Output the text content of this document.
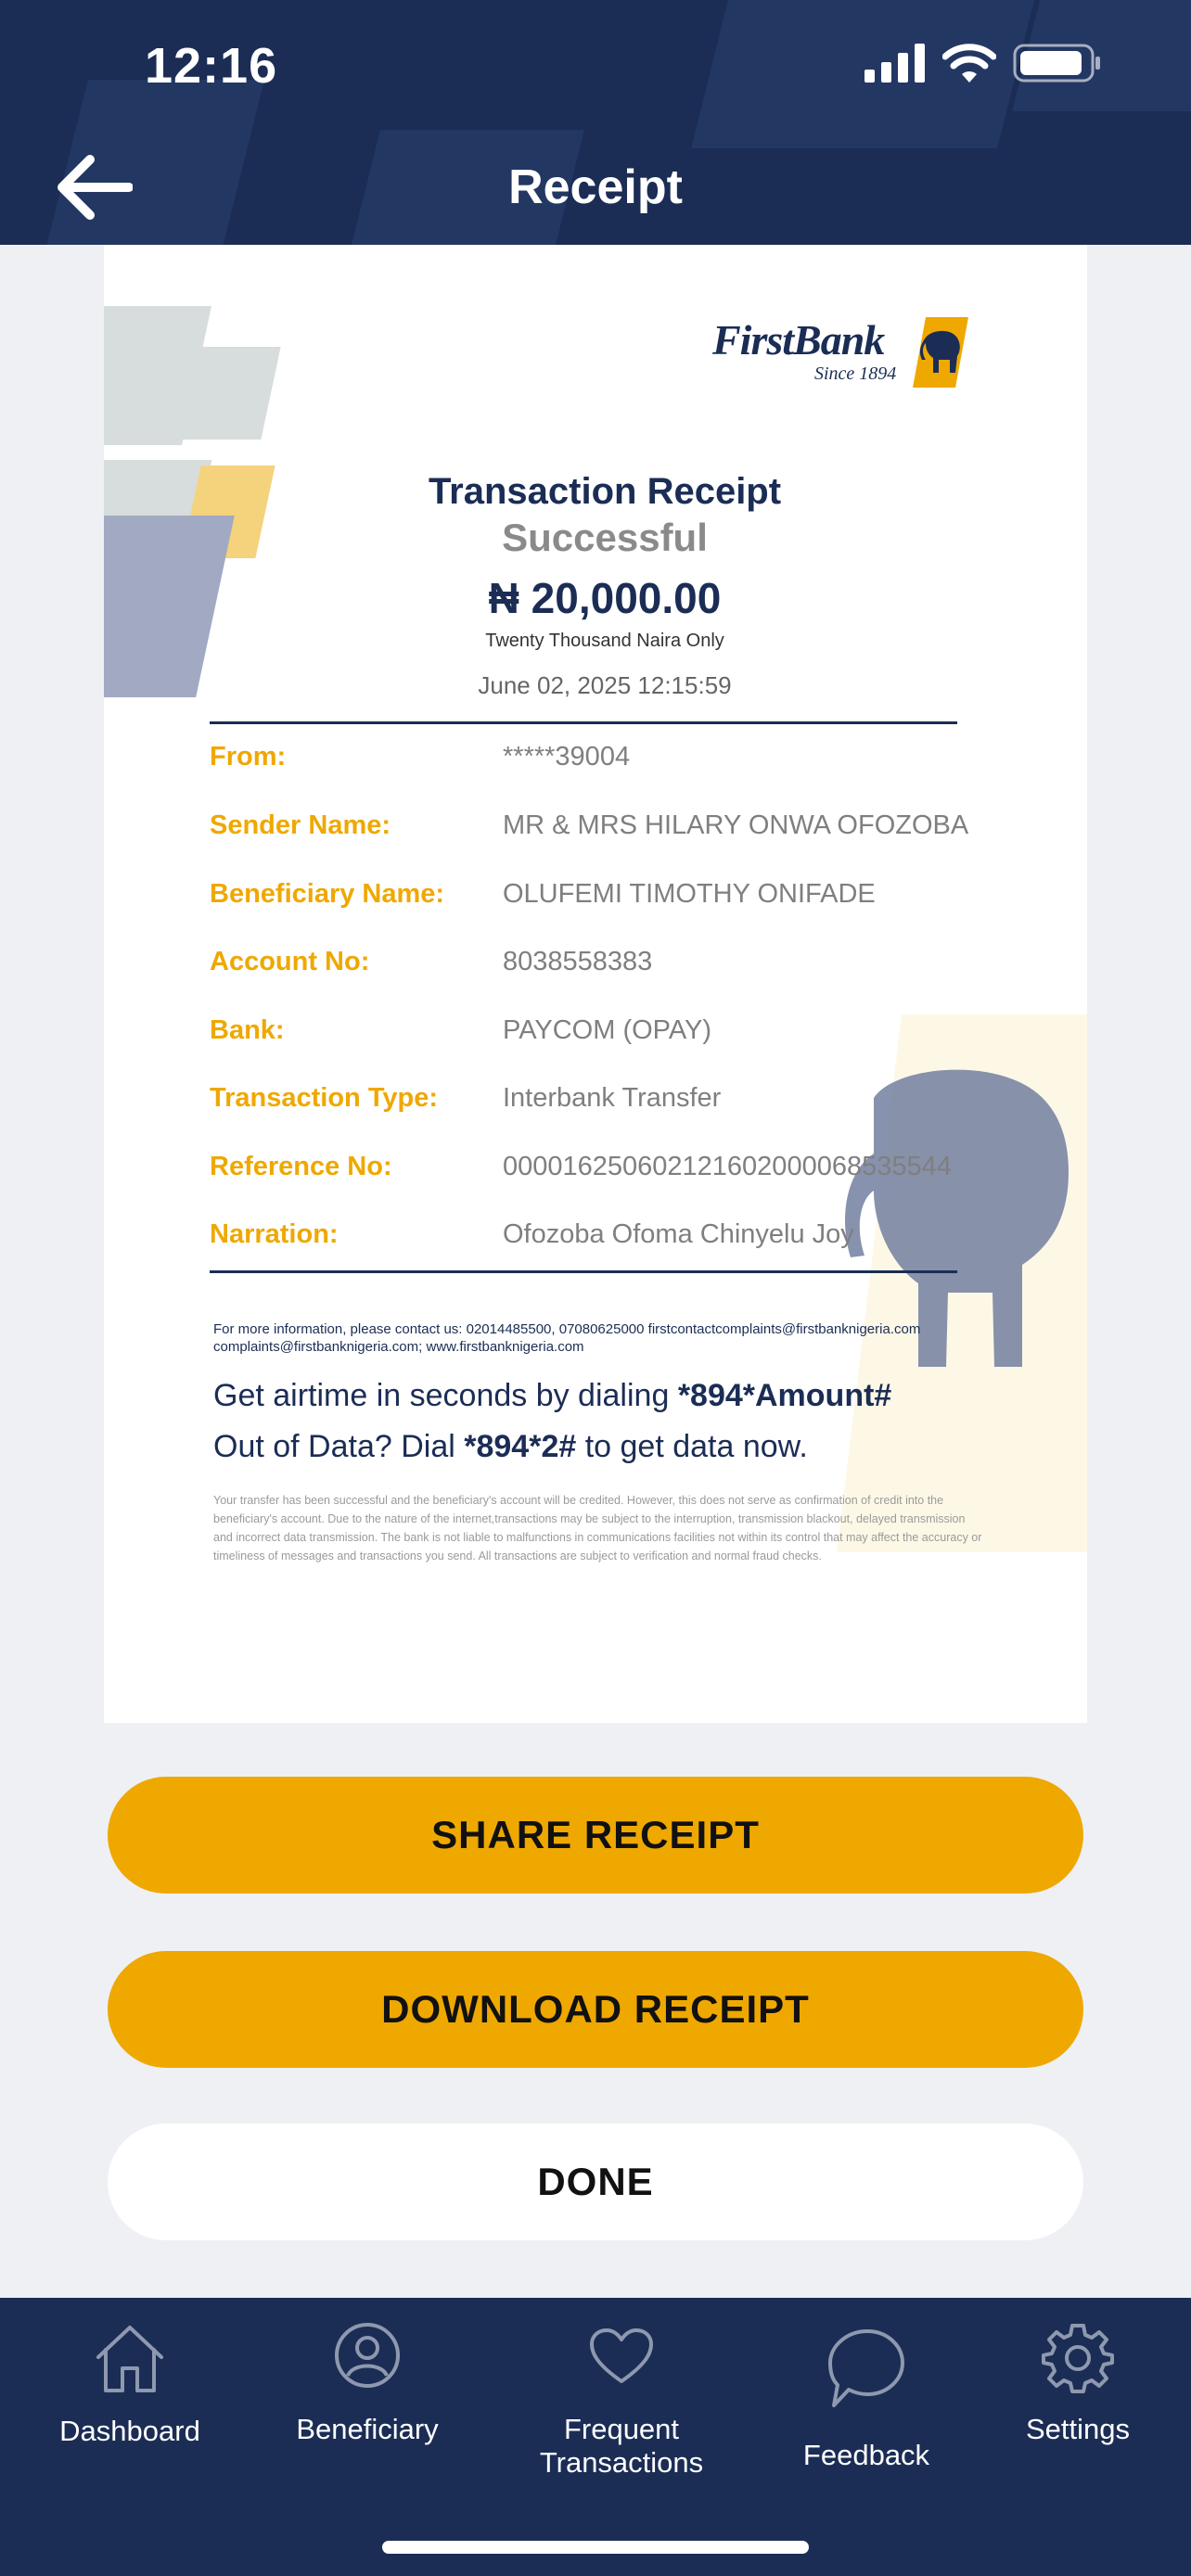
12:16
Receipt
FirstBank
Since 1894
Transaction Receipt
Successful
₦ 20,000.00
Twenty Thousand Naira Only
June 02, 2025 12:15:59
From:	*****39004
Sender Name:	MR & MRS HILARY ONWA OFOZOBA
Beneficiary Name: OLUFEMI TIMOTHY ONIFADE
Account No:	8038558383
Bank:	PAYCOM (OPAY)
Transaction Type: Interbank Transfer
Reference No:	000016250602121602000068535544
Narration:	Ofozoba Ofoma Chinyelu Joy
For more information, please contact us: 02014485500, 07080625000 firstcontactcomplaints@firstbanknigeria.com
complaints@firstbanknigeria.com; www.firstbanknigeria.com
Get airtime in seconds by dialing *894*Amount#
Out of Data? Dial *894*2# to get data now.
Your transfer has been successful and the beneficiary's account will be credited. However, this does not serve as confirmation of credit into the beneficiary's account. Due to the nature of the internet,transactions may be subject to the interruption, transmission blackout, delayed transmission and incorrect data transmission. The bank is not liable to malfunctions in communications facilities not within its control that may affect the accuracy or timeliness of messages and transactions you send. All transactions are subject to verification and normal fraud checks.
SHARE RECEIPT
DOWNLOAD RECEIPT
DONE
Dashboard	Beneficiary	Frequent
Transactions	Feedback
Settings
